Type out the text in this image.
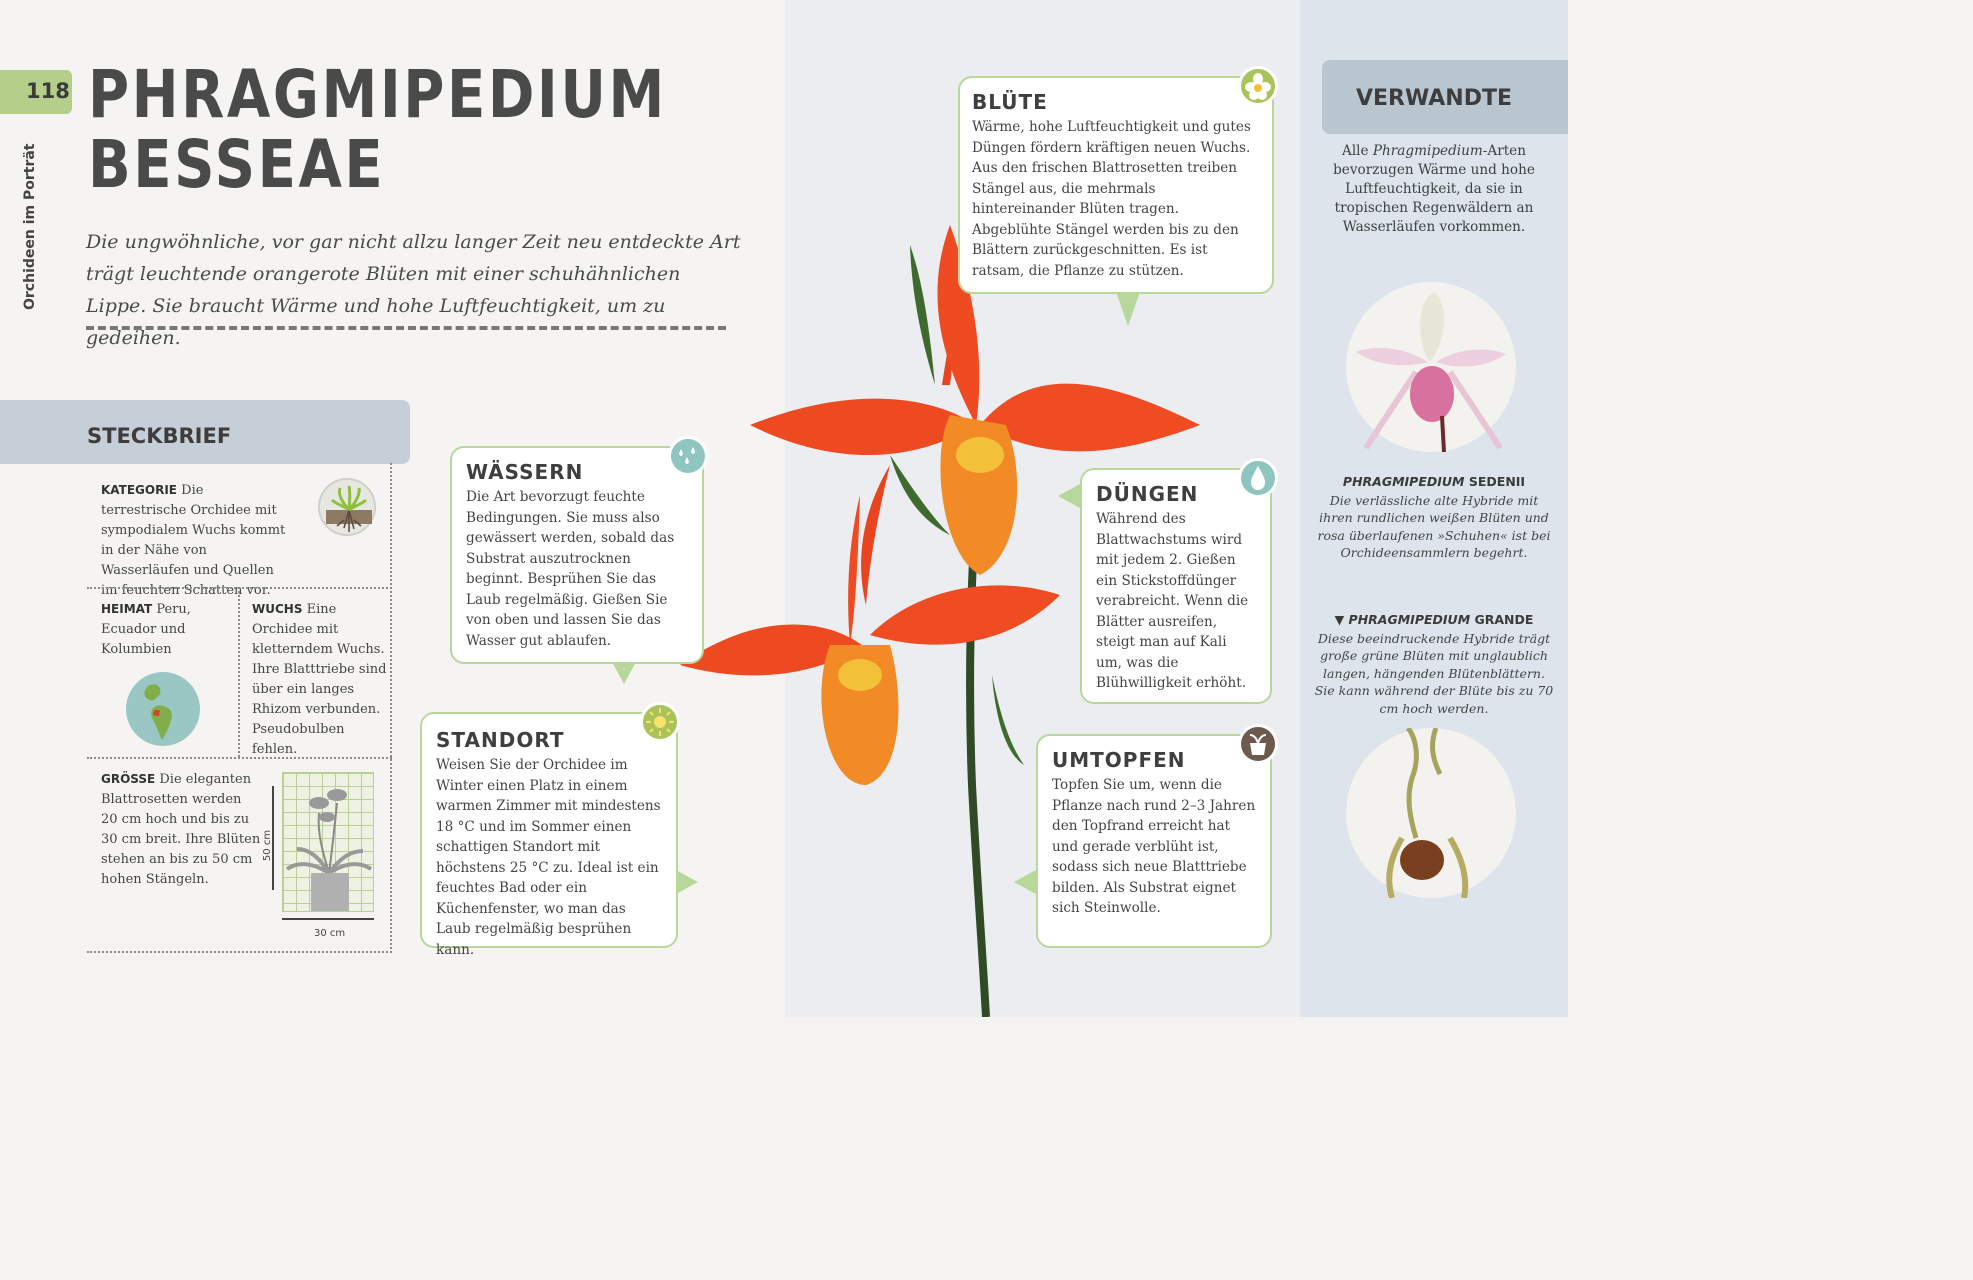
118
Orchideen im Porträt
PHRAGMIPEDIUM
BESSEAE
Die ungwöhnliche, vor gar nicht allzu langer Zeit neu entdeckte Art trägt leuchtende orangerote Blüten mit einer schuhähnlichen Lippe. Sie braucht Wärme und hohe Luftfeuchtigkeit, um zu gedeihen.
STECKBRIEF
KATEGORIE Die terrestrische Orchidee mit sympodialem Wuchs kommt in der Nähe von Wasserläufen und Quellen im feuchten Schatten vor.
HEIMAT Peru, Ecuador und Kolumbien
WUCHS Eine Orchidee mit kletterndem Wuchs. Ihre Blatttriebe sind über ein langes Rhizom verbunden. Pseudobulben fehlen.
GRÖSSE Die eleganten Blattrosetten werden 20 cm hoch und bis zu 30 cm breit. Ihre Blüten stehen an bis zu 50 cm hohen Stängeln.
50 cm
30 cm
WÄSSERN

Die Art bevorzugt feuchte Bedingungen. Sie muss also gewässert werden, sobald das Substrat auszutrocknen beginnt. Besprühen Sie das Laub regelmäßig. Gießen Sie von oben und lassen Sie das Wasser gut ablaufen.

STANDORT

Weisen Sie der Orchidee im Winter einen Platz in einem warmen Zimmer mit mindestens 18 °C und im Sommer einen schattigen Standort mit höchstens 25 °C zu. Ideal ist ein feuchtes Bad oder ein Küchenfenster, wo man das Laub regelmäßig besprühen kann.

BLÜTE

Wärme, hohe Luftfeuchtigkeit und gutes Düngen fördern kräftigen neuen Wuchs. Aus den frischen Blattrosetten treiben Stängel aus, die mehrmals hintereinander Blüten tragen. Abgeblühte Stängel werden bis zu den Blättern zurückgeschnitten. Es ist ratsam, die Pflanze zu stützen.

DÜNGEN

Während des Blattwachstums wird mit jedem 2. Gießen ein Stickstoffdünger verabreicht. Wenn die Blätter ausreifen, steigt man auf Kali um, was die Blühwilligkeit erhöht.

UMTOPFEN

Topfen Sie um, wenn die Pflanze nach rund 2–3 Jahren den Topfrand erreicht hat und gerade verblüht ist, sodass sich neue Blatttriebe bilden. Als Substrat eignet sich Steinwolle.

VERWANDTE
Alle Phragmipedium-Arten bevorzugen Wärme und hohe Luftfeuchtigkeit, da sie in tropischen Regenwäldern an Wasserläufen vorkommen.
PHRAGMIPEDIUM SEDENII
Die verlässliche alte Hybride mit ihren rundlichen weißen Blüten und rosa überlaufenen »Schuhen« ist bei Orchideensammlern begehrt.
▼ PHRAGMIPEDIUM GRANDE
Diese beeindruckende Hybride trägt große grüne Blüten mit unglaublich langen, hängenden Blütenblättern. Sie kann während der Blüte bis zu 70 cm hoch werden.
